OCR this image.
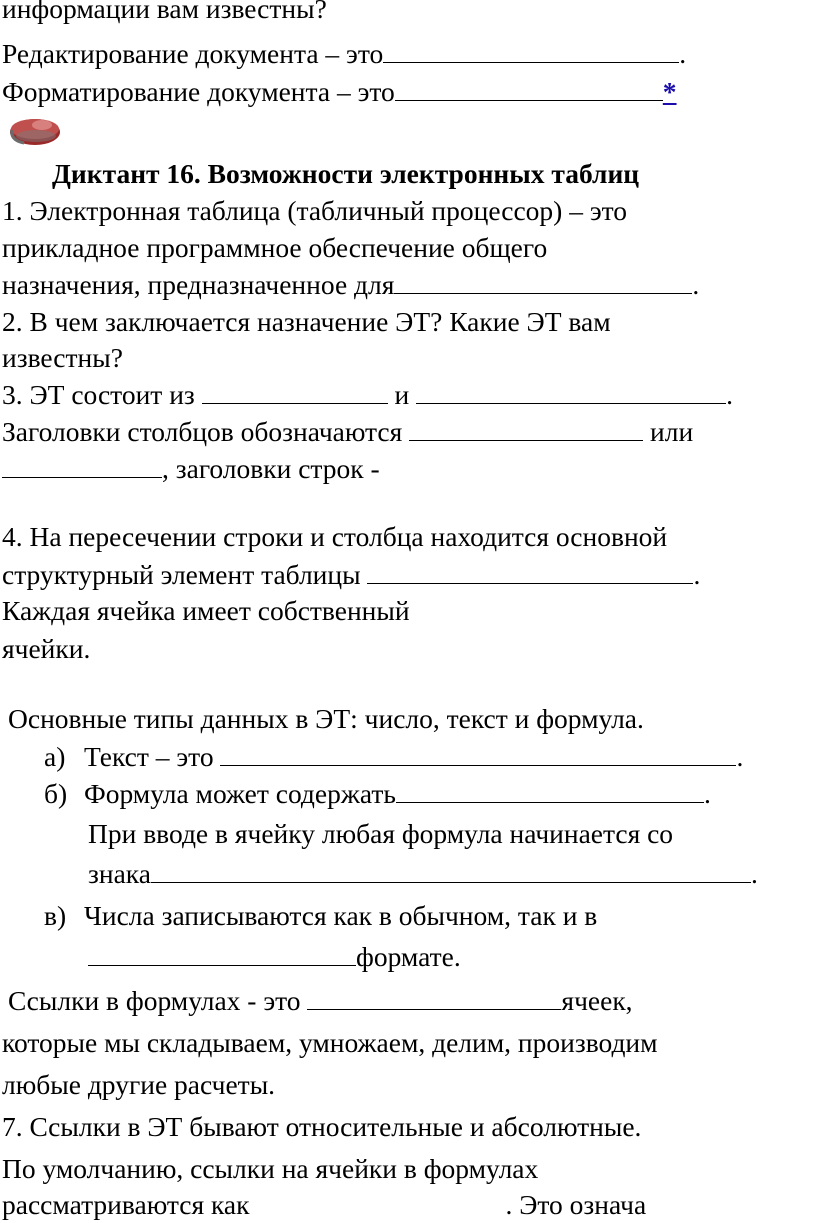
информации вам известны?
Редактирование документа – это	.
Форматирование документа – это	*
Диктант 16. Возможности электронных таблиц
1. Электронная таблица (табличный процессор) – это
прикладное программное обеспечение общего
назначения, предназначенное для	.
2. В чем заключается назначение ЭТ? Какие ЭТ вам
известны?
3. ЭТ состоит из	и	.
Заголовки столбцов обозначаются	или
, заголовки строк -
4. На пересечении строки и столбца находится основной
структурный элемент таблицы	.
Каждая ячейка имеет собственный
ячейки.
Основные типы данных в ЭТ: число, текст и формула.
а) Текст – это	.
б) Формула может содержать	.
При вводе в ячейку любая формула начинается со
знака	.
в) Числа записываются как в обычном, так и в
формате.
Ссылки в формулах - это	ячеек,
которые мы складываем, умножаем, делим, производим
любые другие расчеты.
7. Ссылки в ЭТ бывают относительные и абсолютные.
По умолчанию, ссылки на ячейки в формулах
рассматриваются как	. Это означа
